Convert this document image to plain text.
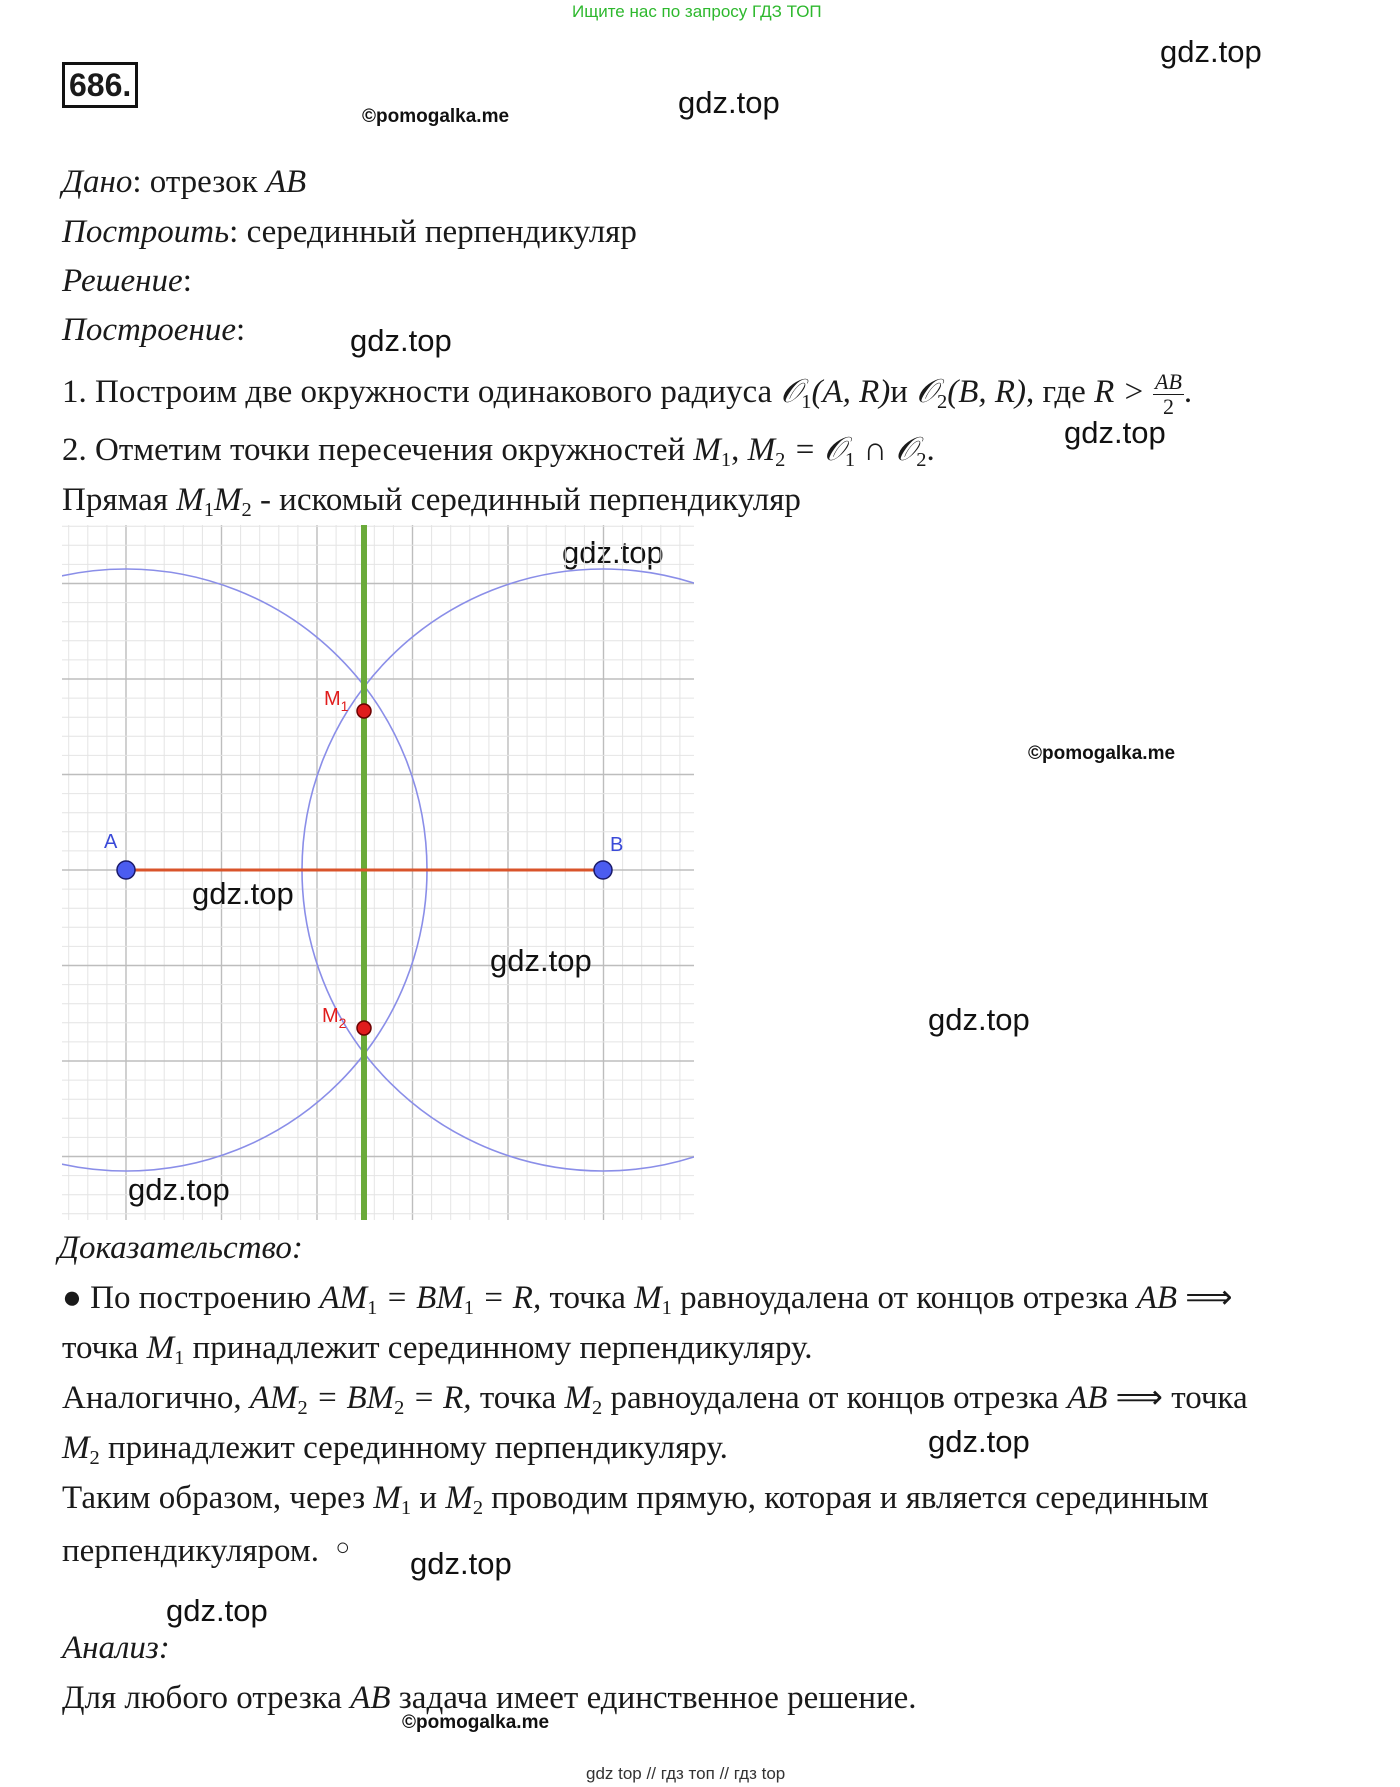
Ищите нас по запросу ГДЗ ТОП
686.
gdz.top
gdz.top
©pomogalka.me
gdz.top
gdz.top
gdz.top
©pomogalka.me
gdz.top
gdz.top
gdz.top
gdz.top
©pomogalka.me
Дано: отрезок AB
Построить: серединный перпендикуляр
Решение:
Построение:
1. Построим две окружности одинакового радиуса 𝒪$_1$(A, R)и 𝒪$_2$(B, R), где $R > \frac{AB}{2}$ .
2. Отметим точки пересечения окружностей $M_1$, $M_2$ = 𝒪$_1$ ∩ 𝒪$_2$.
Прямая $M_1M_2$ - искомый серединный перпендикуляр
A	B
$M_1$
$M_2$
gdz.top
gdz.top
gdz.top
Доказательство:
● По построению $AM_1 = BM_1 = R$, точка $M_1$ равноудалена от концов отрезка AB ⟹
точка $M_1$ принадлежит серединному перпендикуляру.
Аналогично, $AM_2 = BM_2 = R$, точка $M_2$ равноудалена от концов отрезка AB ⟹ точка
$M_2$ принадлежит серединному перпендикуляру.
Таким образом, через $M_1$ и $M_2$ проводим прямую, которая и является серединным
перпендикуляром. ○
Анализ:
Для любого отрезка AB задача имеет единственное решение.
gdz top // гдз топ // гдз top
